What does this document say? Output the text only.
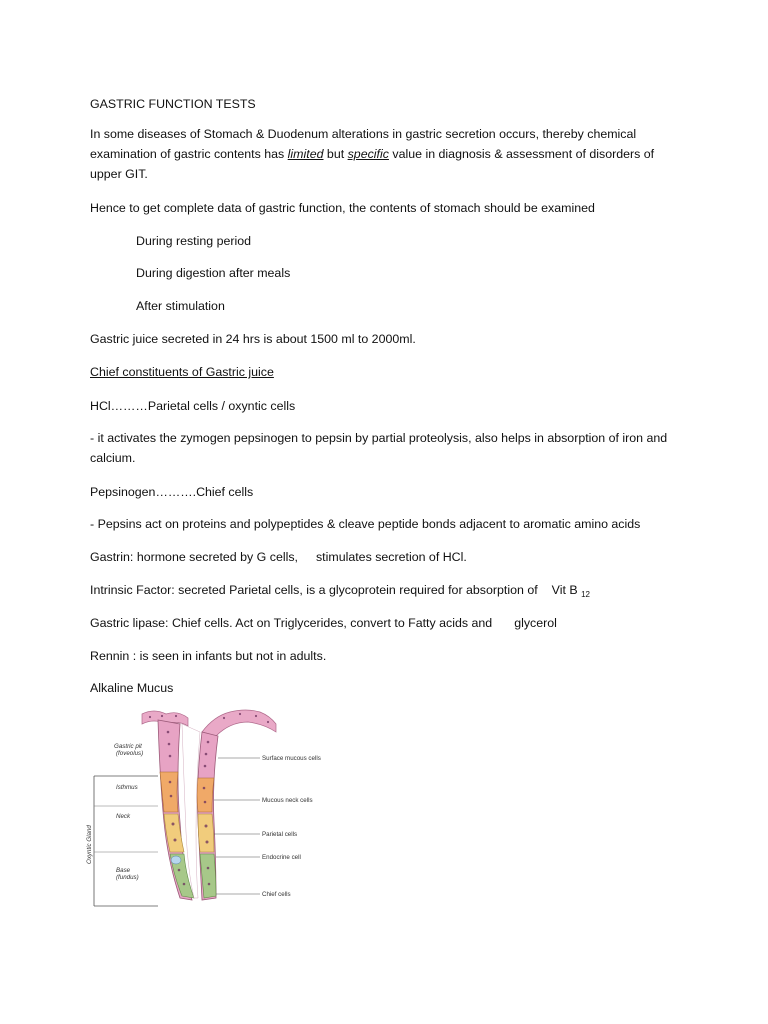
GASTRIC FUNCTION TESTS
In some diseases of Stomach & Duodenum alterations in gastric secretion occurs, thereby chemical examination of gastric contents has limited but specific value in diagnosis & assessment of disorders of upper GIT.
Hence to get complete data of gastric function, the contents of stomach should be examined
During resting period
During digestion after meals
After stimulation
Gastric juice secreted in 24 hrs is about 1500 ml to 2000ml.
Chief constituents of Gastric juice
HCl………Parietal cells / oxyntic cells
- it activates the zymogen pepsinogen to pepsin by partial proteolysis, also helps in absorption of iron and calcium.
Pepsinogen……….Chief cells
- Pepsins act on proteins and polypeptides & cleave peptide bonds adjacent to aromatic amino acids
Gastrin: hormone secreted by G cells, stimulates secretion of HCl.
Intrinsic Factor: secreted Parietal cells, is a glycoprotein required for absorption of Vit B $_{12}$
Gastric lipase: Chief cells. Act on Triglycerides, convert to Fatty acids and glycerol
Rennin : is seen in infants but not in adults.
Alkaline Mucus
Gastric pit
(foveolus)
Isthmus
Neck
Base
(fundus)
Oxyntic Gland
Surface mucous cells
Mucous neck cells
Parietal cells
Endocrine cell
Chief cells
